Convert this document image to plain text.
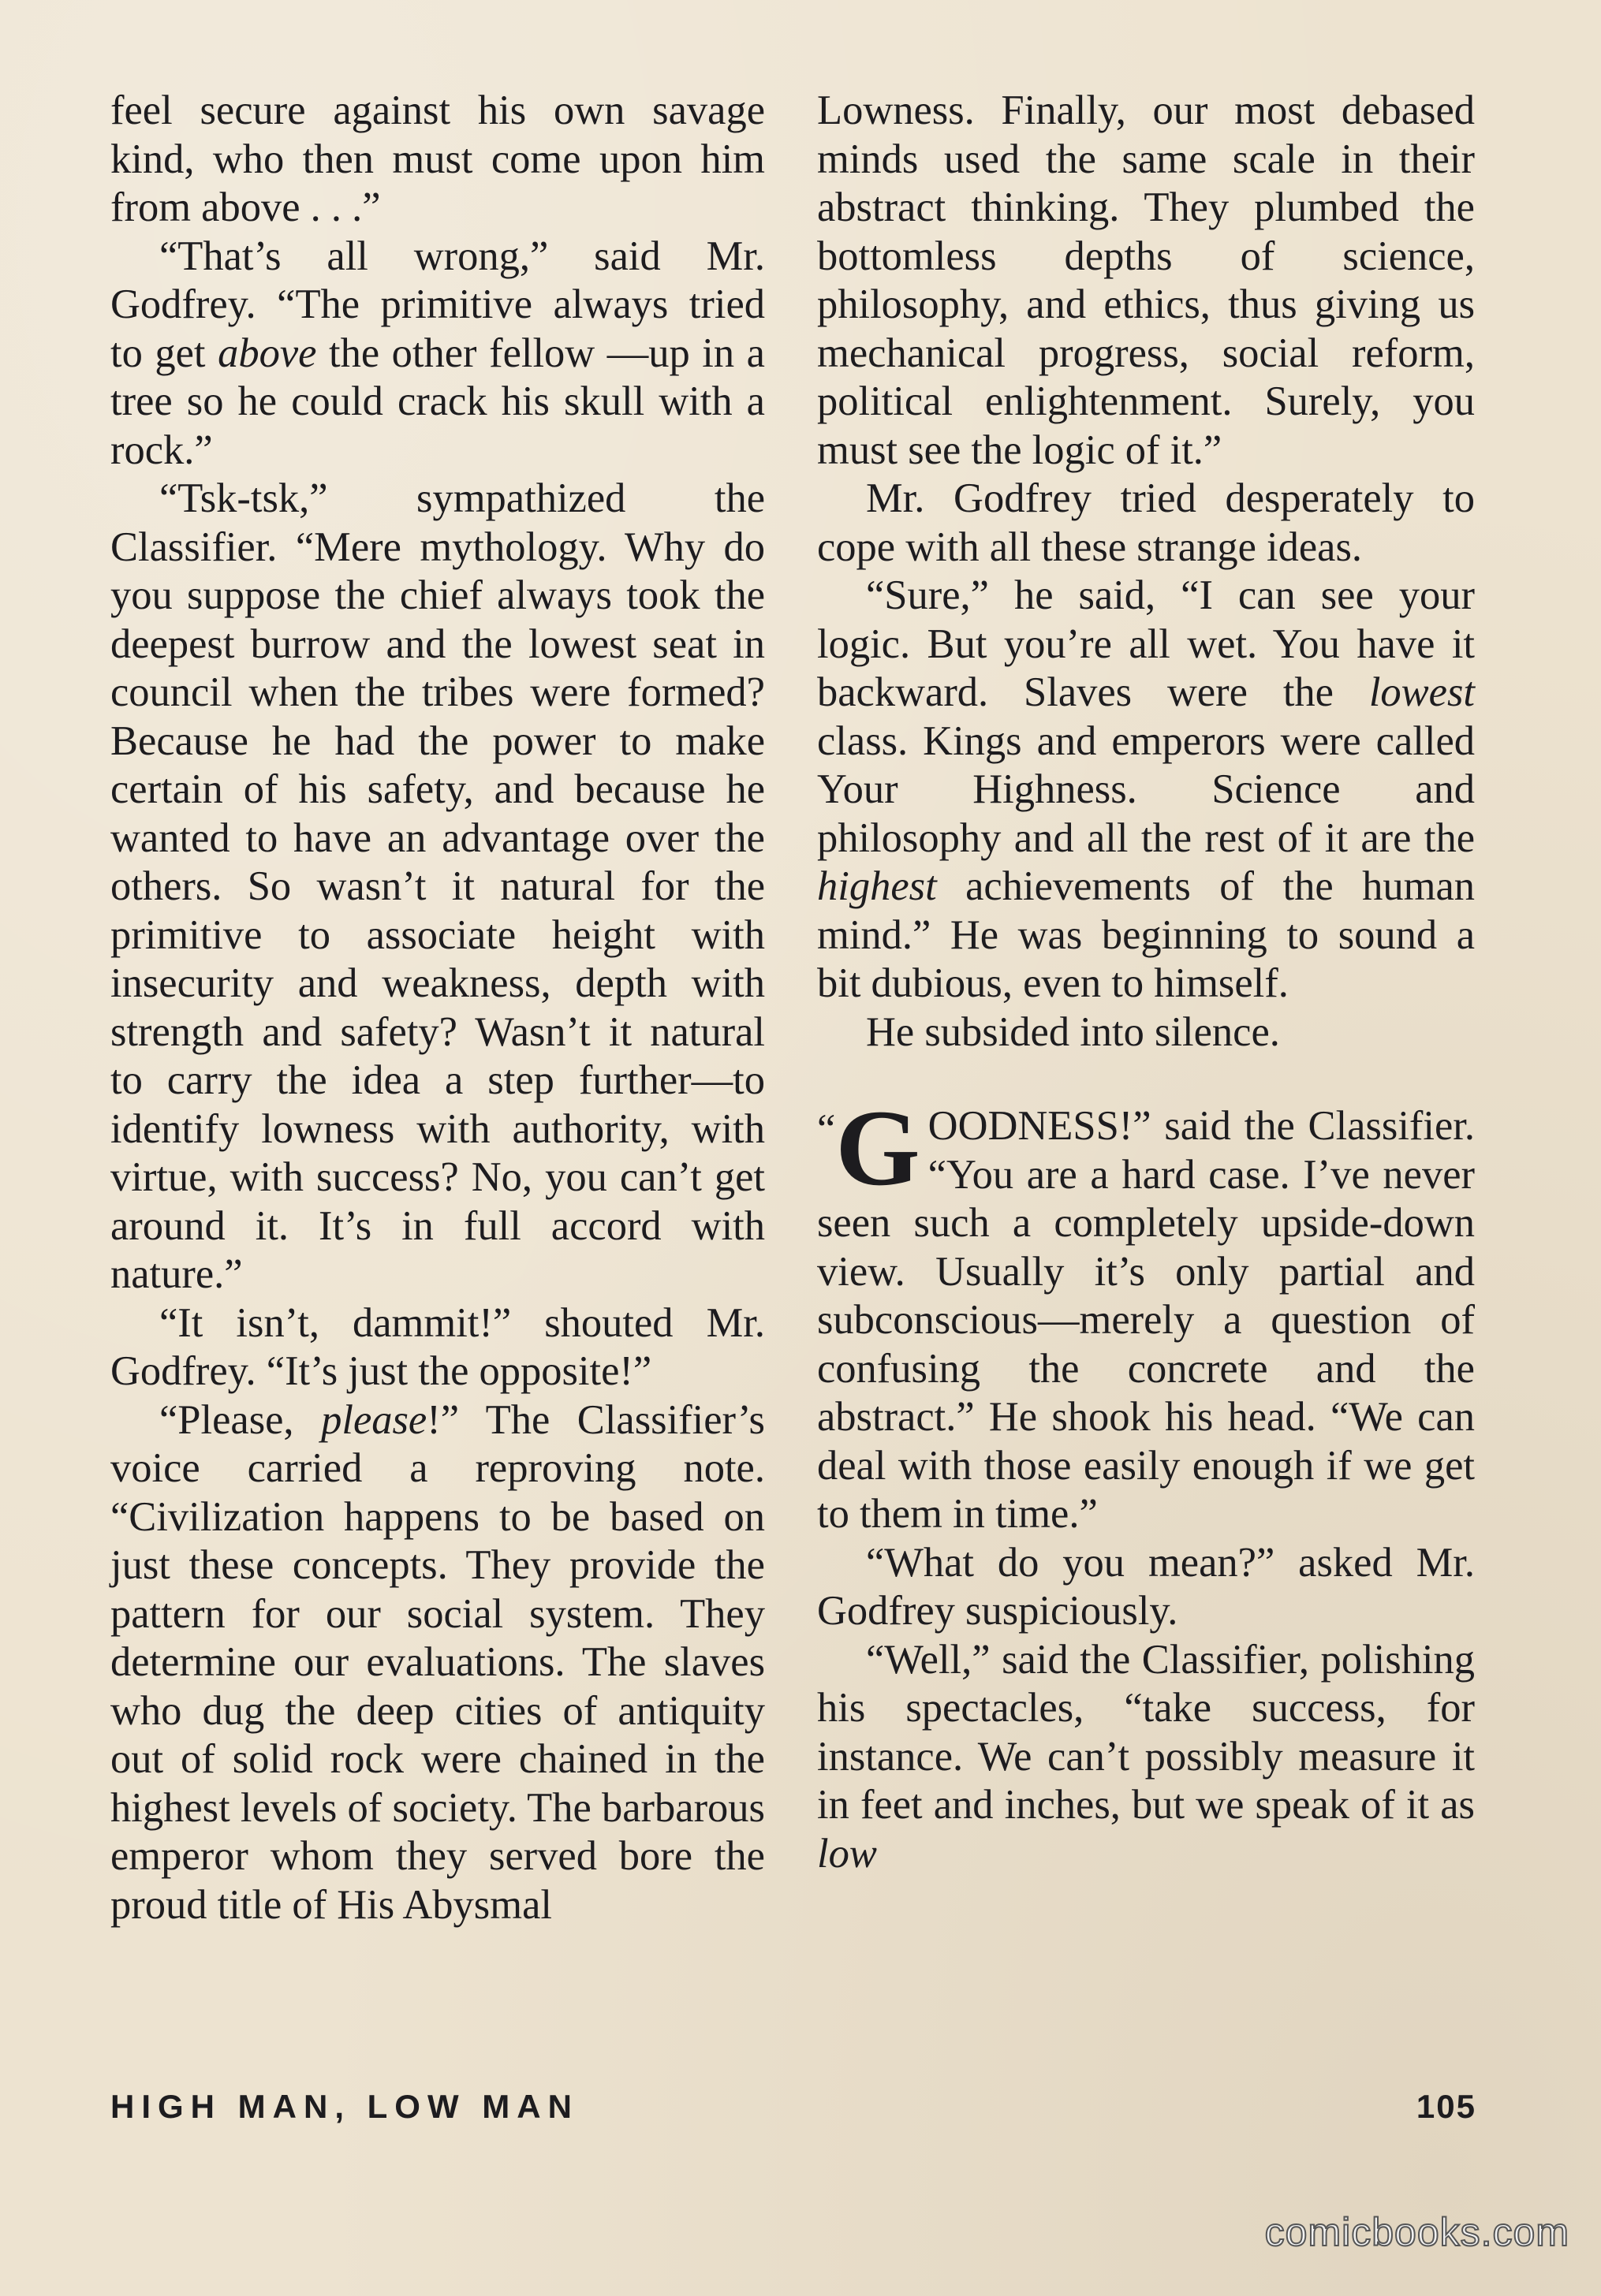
feel secure against his own savage kind, who then must come upon him from above . . .”

“That’s all wrong,” said Mr. Godfrey. “The primitive always tried to get above the other fellow —up in a tree so he could crack his skull with a rock.”

“Tsk-tsk,” sympathized the Classifier. “Mere mythology. Why do you suppose the chief always took the deepest burrow and the lowest seat in council when the tribes were formed? Because he had the power to make certain of his safety, and because he wanted to have an advantage over the others. So wasn’t it natural for the primitive to associate height with insecurity and weakness, depth with strength and safety? Wasn’t it natural to carry the idea a step further—to identify lowness with authority, with virtue, with success? No, you can’t get around it. It’s in full accord with nature.”

“It isn’t, dammit!” shouted Mr. Godfrey. “It’s just the opposite!”

“Please, please!” The Classifier’s voice carried a reproving note. “Civilization happens to be based on just these concepts. They provide the pattern for our social system. They determine our evaluations. The slaves who dug the deep cities of antiquity out of solid rock were chained in the highest levels of society. The barbarous emperor whom they served bore the proud title of His Abysmal

Lowness. Finally, our most debased minds used the same scale in their abstract thinking. They plumbed the bottomless depths of science, philosophy, and ethics, thus giving us mechanical progress, social reform, political enlightenment. Surely, you must see the logic of it.”

Mr. Godfrey tried desperately to cope with all these strange ideas.

“Sure,” he said, “I can see your logic. But you’re all wet. You have it backward. Slaves were the lowest class. Kings and emperors were called Your Highness. Science and philosophy and all the rest of it are the highest achievements of the human mind.” He was beginning to sound a bit dubious, even to himself.

He subsided into silence.

“G OODNESS!” said the Classifier. “You are a hard case. I’ve never seen such a completely upside-down view. Usually it’s only partial and subconscious—merely a question of confusing the concrete and the abstract.” He shook his head. “We can deal with those easily enough if we get to them in time.”

“What do you mean?” asked Mr. Godfrey suspiciously.

“Well,” said the Classifier, polishing his spectacles, “take success, for instance. We can’t possibly measure it in feet and inches, but we speak of it as low

HIGH MAN, LOW MAN	105
comicbooks.com
